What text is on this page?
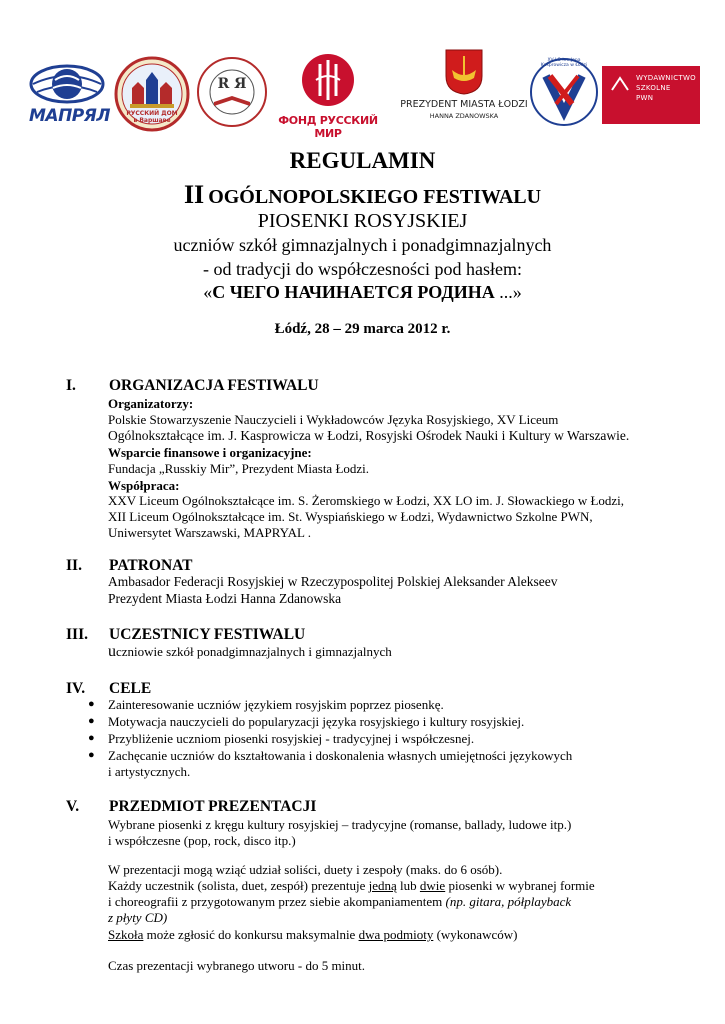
МАПРЯЛ	РУССКИЙ ДОМ в Варшаве
R Я
ФОНД РУССКИЙ МИР
PREZYDENT MIASTA ŁODZI
HANNA ZDANOWSKA
XV LO im. Jana Kasprowicza w Łodzi
WYDAWNICTWO
SZKOLNE
PWN
REGULAMIN
II OGÓLNOPOLSKIEGO FESTIWALU
PIOSENKI ROSYJSKIEJ
uczniów szkół gimnazjalnych i ponadgimnazjalnych
- od tradycji do współczesności pod hasłem:
«С ЧЕГО НАЧИНАЕТСЯ РОДИНА ...»
Łódź, 28 – 29 marca 2012 r.
I. ORGANIZACJA FESTIWALU
Organizatorzy:
Polskie Stowarzyszenie Nauczycieli i Wykładowców Języka Rosyjskiego, XV Liceum
Ogólnokształcące im. J. Kasprowicza w Łodzi, Rosyjski Ośrodek Nauki i Kultury w Warszawie.
Wsparcie finansowe i organizacyjne:
Fundacja „Russkiy Mir”, Prezydent Miasta Łodzi.
Współpraca:
XXV Liceum Ogólnokształcące im. S. Żeromskiego w Łodzi, XX LO im. J. Słowackiego w Łodzi,
XII Liceum Ogólnokształcące im. St. Wyspiańskiego w Łodzi, Wydawnictwo Szkolne PWN,
Uniwersytet Warszawski, MAPRYAL .
II. PATRONAT
Ambasador Federacji Rosyjskiej w Rzeczypospolitej Polskiej Aleksander Alekseev
Prezydent Miasta Łodzi Hanna Zdanowska
III. UCZESTNICY FESTIWALU
uczniowie szkół ponadgimnazjalnych i gimnazjalnych
IV. CELE
● Zainteresowanie uczniów językiem rosyjskim poprzez piosenkę.
● Motywacja nauczycieli do popularyzacji języka rosyjskiego i kultury rosyjskiej.
● Przybliżenie uczniom piosenki rosyjskiej - tradycyjnej i współczesnej.
● Zachęcanie uczniów do kształtowania i doskonalenia własnych umiejętności językowych
i artystycznych.
V. PRZEDMIOT PREZENTACJI
Wybrane piosenki z kręgu kultury rosyjskiej – tradycyjne (romanse, ballady, ludowe itp.)
i współczesne (pop, rock, disco itp.)
W prezentacji mogą wziąć udział soliści, duety i zespoły (maks. do 6 osób).
Każdy uczestnik (solista, duet, zespół) prezentuje jedną lub dwie piosenki w wybranej formie
i choreografii z przygotowanym przez siebie akompaniamentem (np. gitara, półplayback
z płyty CD)
Szkoła może zgłosić do konkursu maksymalnie dwa podmioty (wykonawców)
Czas prezentacji wybranego utworu - do 5 minut.
